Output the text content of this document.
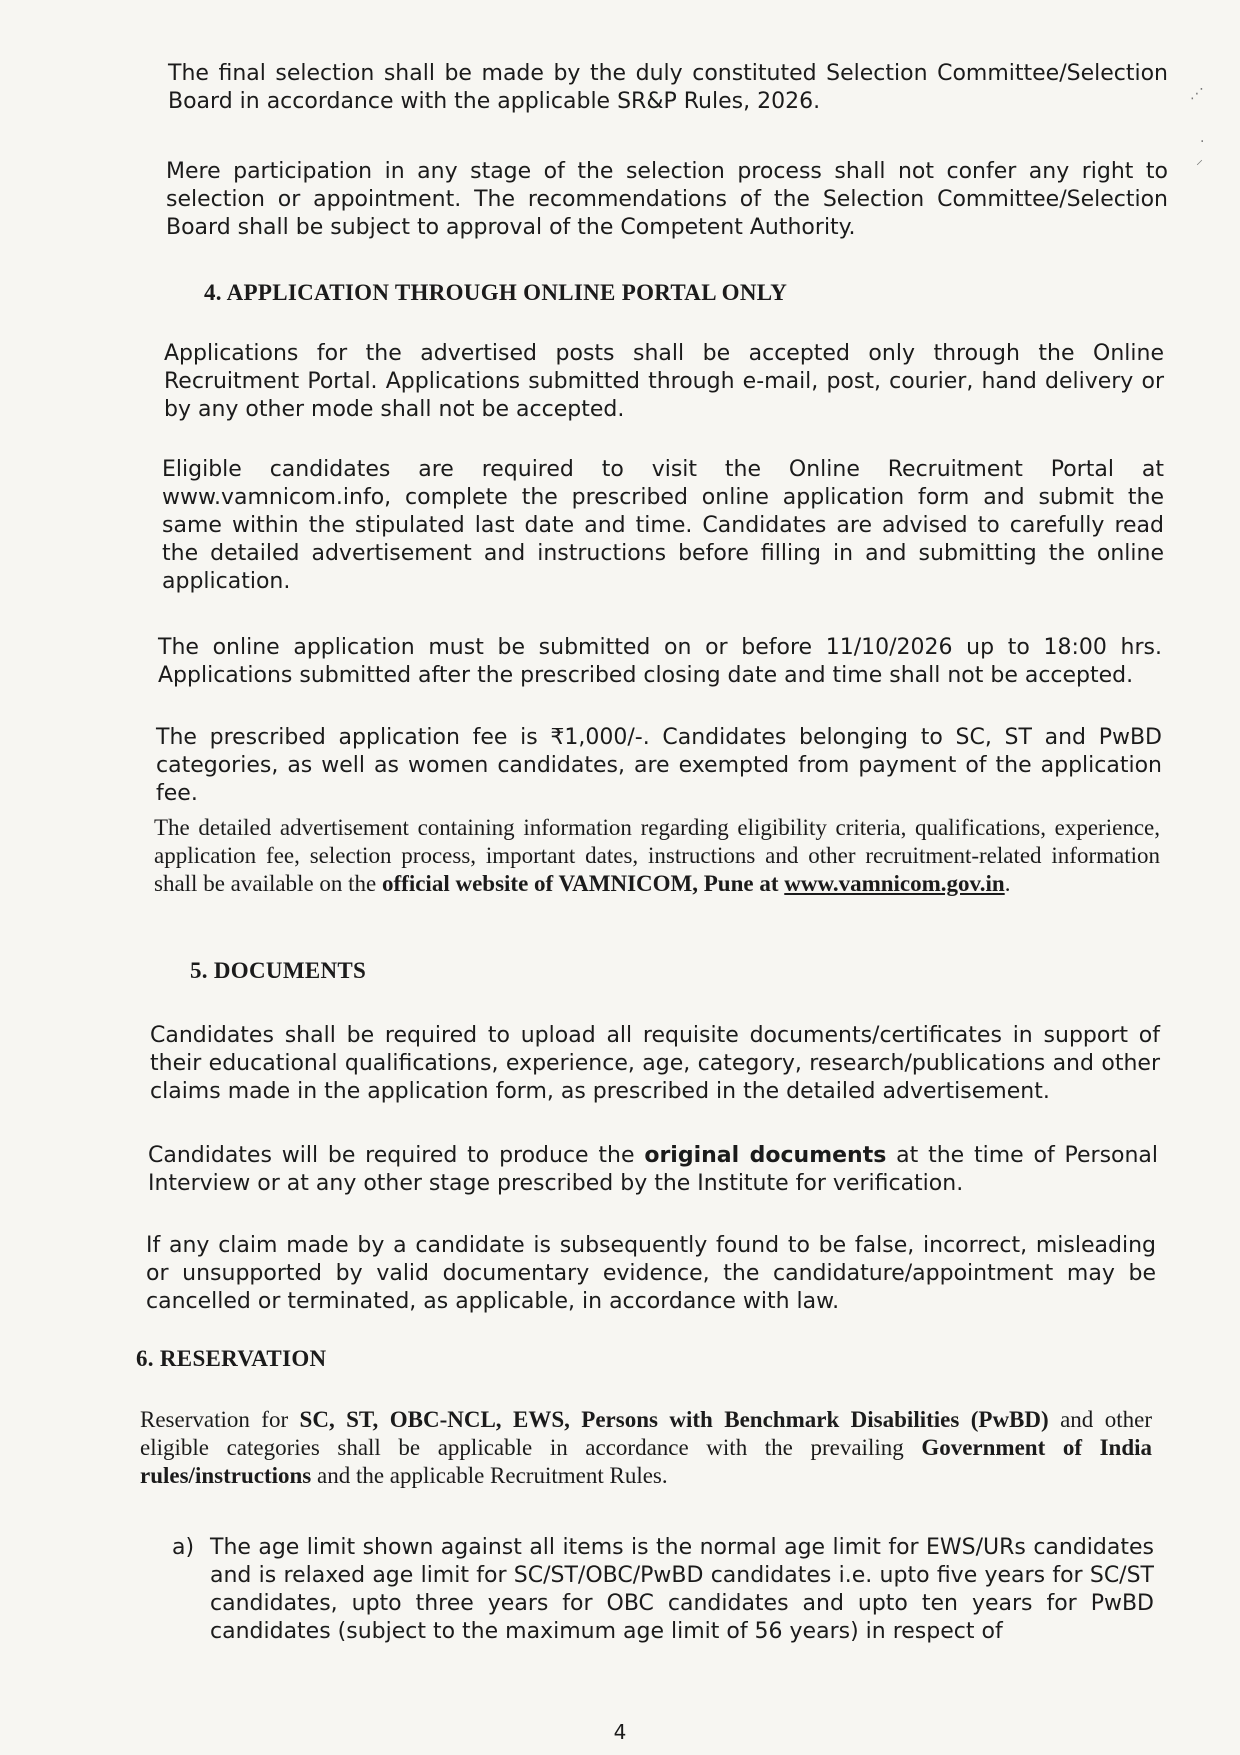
The final selection shall be made by the duly constituted Selection Committee/Selection Board in accordance with the applicable SR&P Rules, 2026.

Mere participation in any stage of the selection process shall not confer any right to selection or appointment. The recommendations of the Selection Committee/Selection Board shall be subject to approval of the Competent Authority.

4. APPLICATION THROUGH ONLINE PORTAL ONLY

Applications for the advertised posts shall be accepted only through the Online Recruitment Portal. Applications submitted through e-mail, post, courier, hand delivery or by any other mode shall not be accepted.

Eligible candidates are required to visit the Online Recruitment Portal at www.vamnicom.info, complete the prescribed online application form and submit the same within the stipulated last date and time. Candidates are advised to carefully read the detailed advertisement and instructions before filling in and submitting the online application.

The online application must be submitted on or before 11/10/2026 up to 18:00 hrs. Applications submitted after the prescribed closing date and time shall not be accepted.

The prescribed application fee is ₹1,000/-. Candidates belonging to SC, ST and PwBD categories, as well as women candidates, are exempted from payment of the application fee.

The detailed advertisement containing information regarding eligibility criteria, qualifications, experience, application fee, selection process, important dates, instructions and other recruitment-related information shall be available on the official website of VAMNICOM, Pune at www.vamnicom.gov.in.

5. DOCUMENTS

Candidates shall be required to upload all requisite documents/certificates in support of their educational qualifications, experience, age, category, research/publications and other claims made in the application form, as prescribed in the detailed advertisement.

Candidates will be required to produce the original documents at the time of Personal Interview or at any other stage prescribed by the Institute for verification.

If any claim made by a candidate is subsequently found to be false, incorrect, misleading or unsupported by valid documentary evidence, the candidature/appointment may be cancelled or terminated, as applicable, in accordance with law.

6. RESERVATION

Reservation for SC, ST, OBC-NCL, EWS, Persons with Benchmark Disabilities (PwBD) and other eligible categories shall be applicable in accordance with the prevailing Government of India rules/instructions and the applicable Recruitment Rules.

a) The age limit shown against all items is the normal age limit for EWS/URs candidates and is relaxed age limit for SC/ST/OBC/PwBD candidates i.e. upto five years for SC/ST candidates, upto three years for OBC candidates and upto ten years for PwBD candidates (subject to the maximum age limit of 56 years) in respect of

4
⋰
·
⸝
